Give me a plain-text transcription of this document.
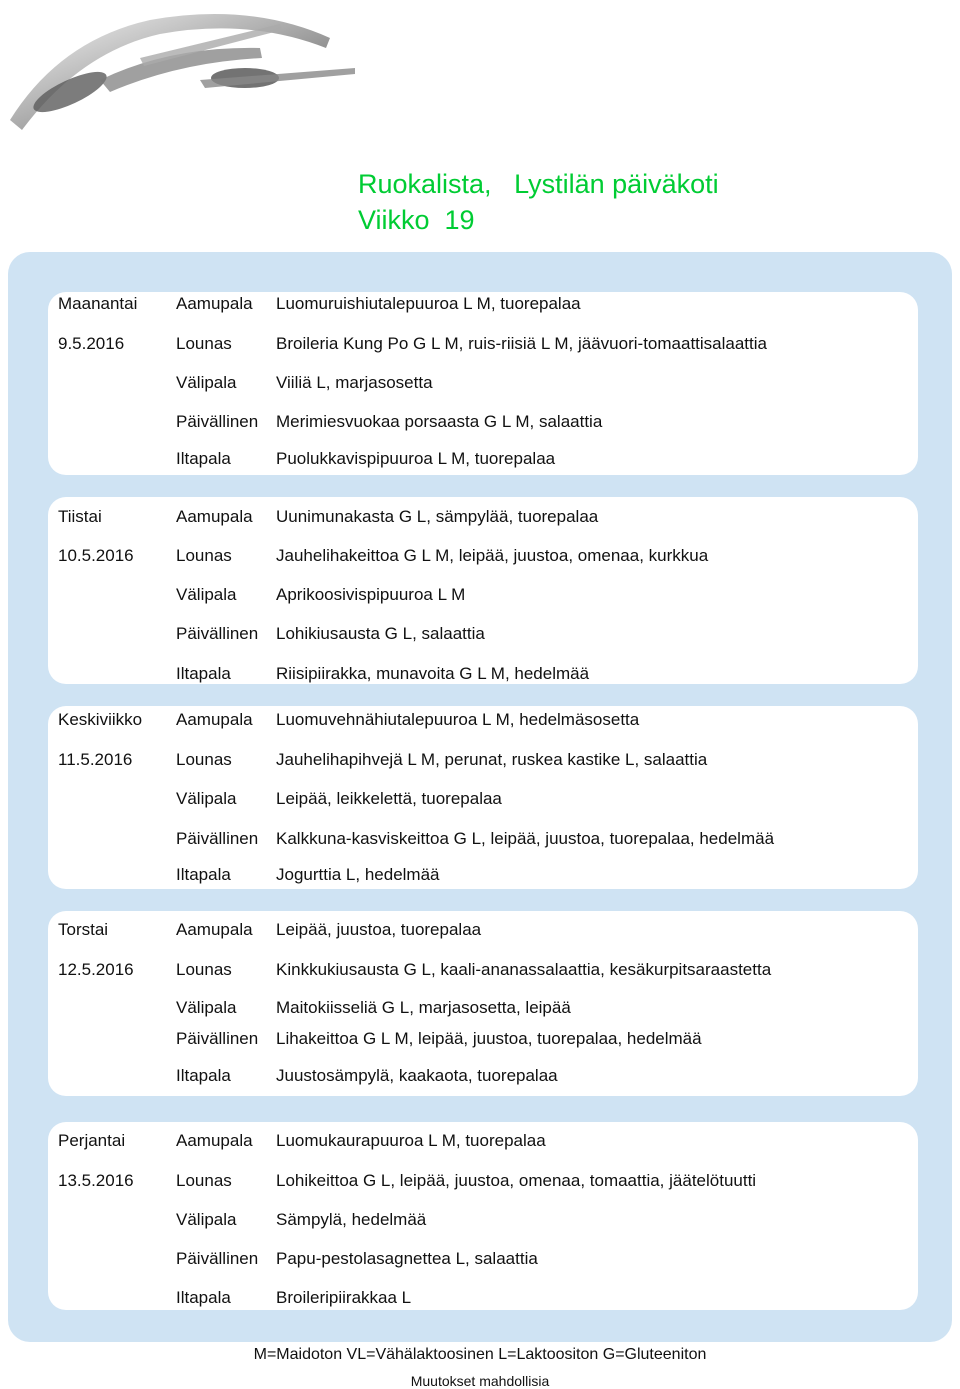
Ruokalista,   Lystilän päiväkoti
Viikko  19
Maanantai Aamupala Luomuruishiutalepuuroa L M, tuorepalaa
9.5.2016	Lounas	Broileria Kung Po G L M, ruis-riisiä L M, jäävuori-tomaattisalaattia
Välipala Viiliä L, marjasosetta
Päivällinen Merimiesvuokaa porsaasta G L M, salaattia
Iltapala	Puolukkavispipuuroa L M, tuorepalaa
Tiistai	Aamupala Uunimunakasta G L, sämpylää, tuorepalaa
10.5.2016 Lounas	Jauhelihakeittoa G L M, leipää, juustoa, omenaa, kurkkua
Välipala Aprikoosivispipuuroa L M
Päivällinen Lohikiusausta G L, salaattia
Iltapala	Riisipiirakka, munavoita G L M, hedelmää
Keskiviikko Aamupala Luomuvehnähiutalepuuroa L M, hedelmäsosetta
11.5.2016	Lounas	Jauhelihapihvejä L M, perunat, ruskea kastike L, salaattia
Välipala Leipää, leikkelettä, tuorepalaa
Päivällinen Kalkkuna-kasviskeittoa G L, leipää, juustoa, tuorepalaa, hedelmää
Iltapala	Jogurttia L, hedelmää
Torstai	Aamupala Leipää, juustoa, tuorepalaa
12.5.2016 Lounas	Kinkkukiusausta G L, kaali-ananassalaattia, kesäkurpitsaraastetta
Välipala Maitokiisseliä G L, marjasosetta, leipää
Päivällinen Lihakeittoa G L M, leipää, juustoa, tuorepalaa, hedelmää
Iltapala	Juustosämpylä, kaakaota, tuorepalaa
Perjantai	Aamupala Luomukaurapuuroa L M, tuorepalaa
13.5.2016 Lounas	Lohikeittoa G L, leipää, juustoa, omenaa, tomaattia, jäätelötuutti
Välipala Sämpylä, hedelmää
Päivällinen Papu-pestolasagnettea L, salaattia
Iltapala	Broileripiirakkaa L
M=Maidoton VL=Vähälaktoosinen L=Laktoositon G=Gluteeniton
Muutokset mahdollisia
